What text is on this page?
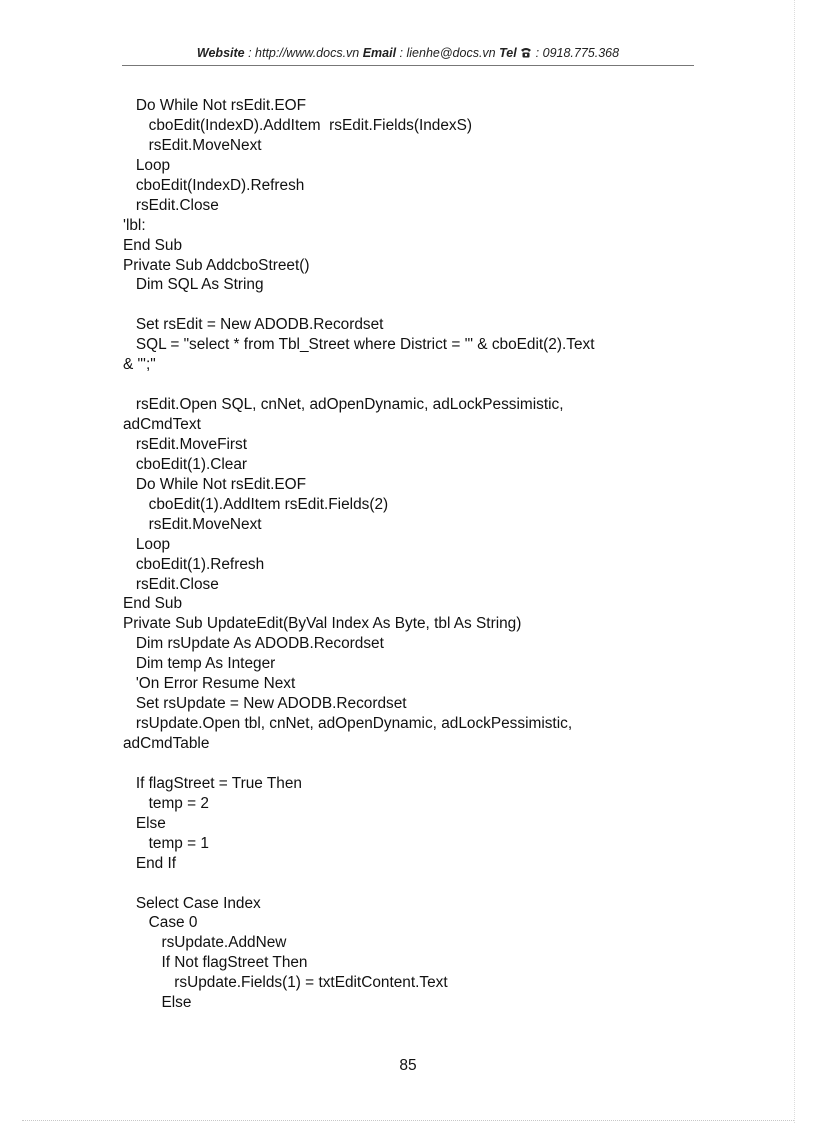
Website : http://www.docs.vn Email : lienhe@docs.vn Tel  : 0918.775.368
Do While Not rsEdit.EOF
cboEdit(IndexD).AddItem  rsEdit.Fields(IndexS)
rsEdit.MoveNext
Loop
cboEdit(IndexD).Refresh
rsEdit.Close
'lbl:
End Sub
Private Sub AddcboStreet()
Dim SQL As String
Set rsEdit = New ADODB.Recordset
SQL = "select * from Tbl_Street where District = '" & cboEdit(2).Text
& "';"
rsEdit.Open SQL, cnNet, adOpenDynamic, adLockPessimistic,
adCmdText
rsEdit.MoveFirst
cboEdit(1).Clear
Do While Not rsEdit.EOF
cboEdit(1).AddItem rsEdit.Fields(2)
rsEdit.MoveNext
Loop
cboEdit(1).Refresh
rsEdit.Close
End Sub
Private Sub UpdateEdit(ByVal Index As Byte, tbl As String)
Dim rsUpdate As ADODB.Recordset
Dim temp As Integer
'On Error Resume Next
Set rsUpdate = New ADODB.Recordset
rsUpdate.Open tbl, cnNet, adOpenDynamic, adLockPessimistic,
adCmdTable
If flagStreet = True Then
temp = 2
Else
temp = 1
End If
Select Case Index
Case 0
rsUpdate.AddNew
If Not flagStreet Then
rsUpdate.Fields(1) = txtEditContent.Text
Else
85
